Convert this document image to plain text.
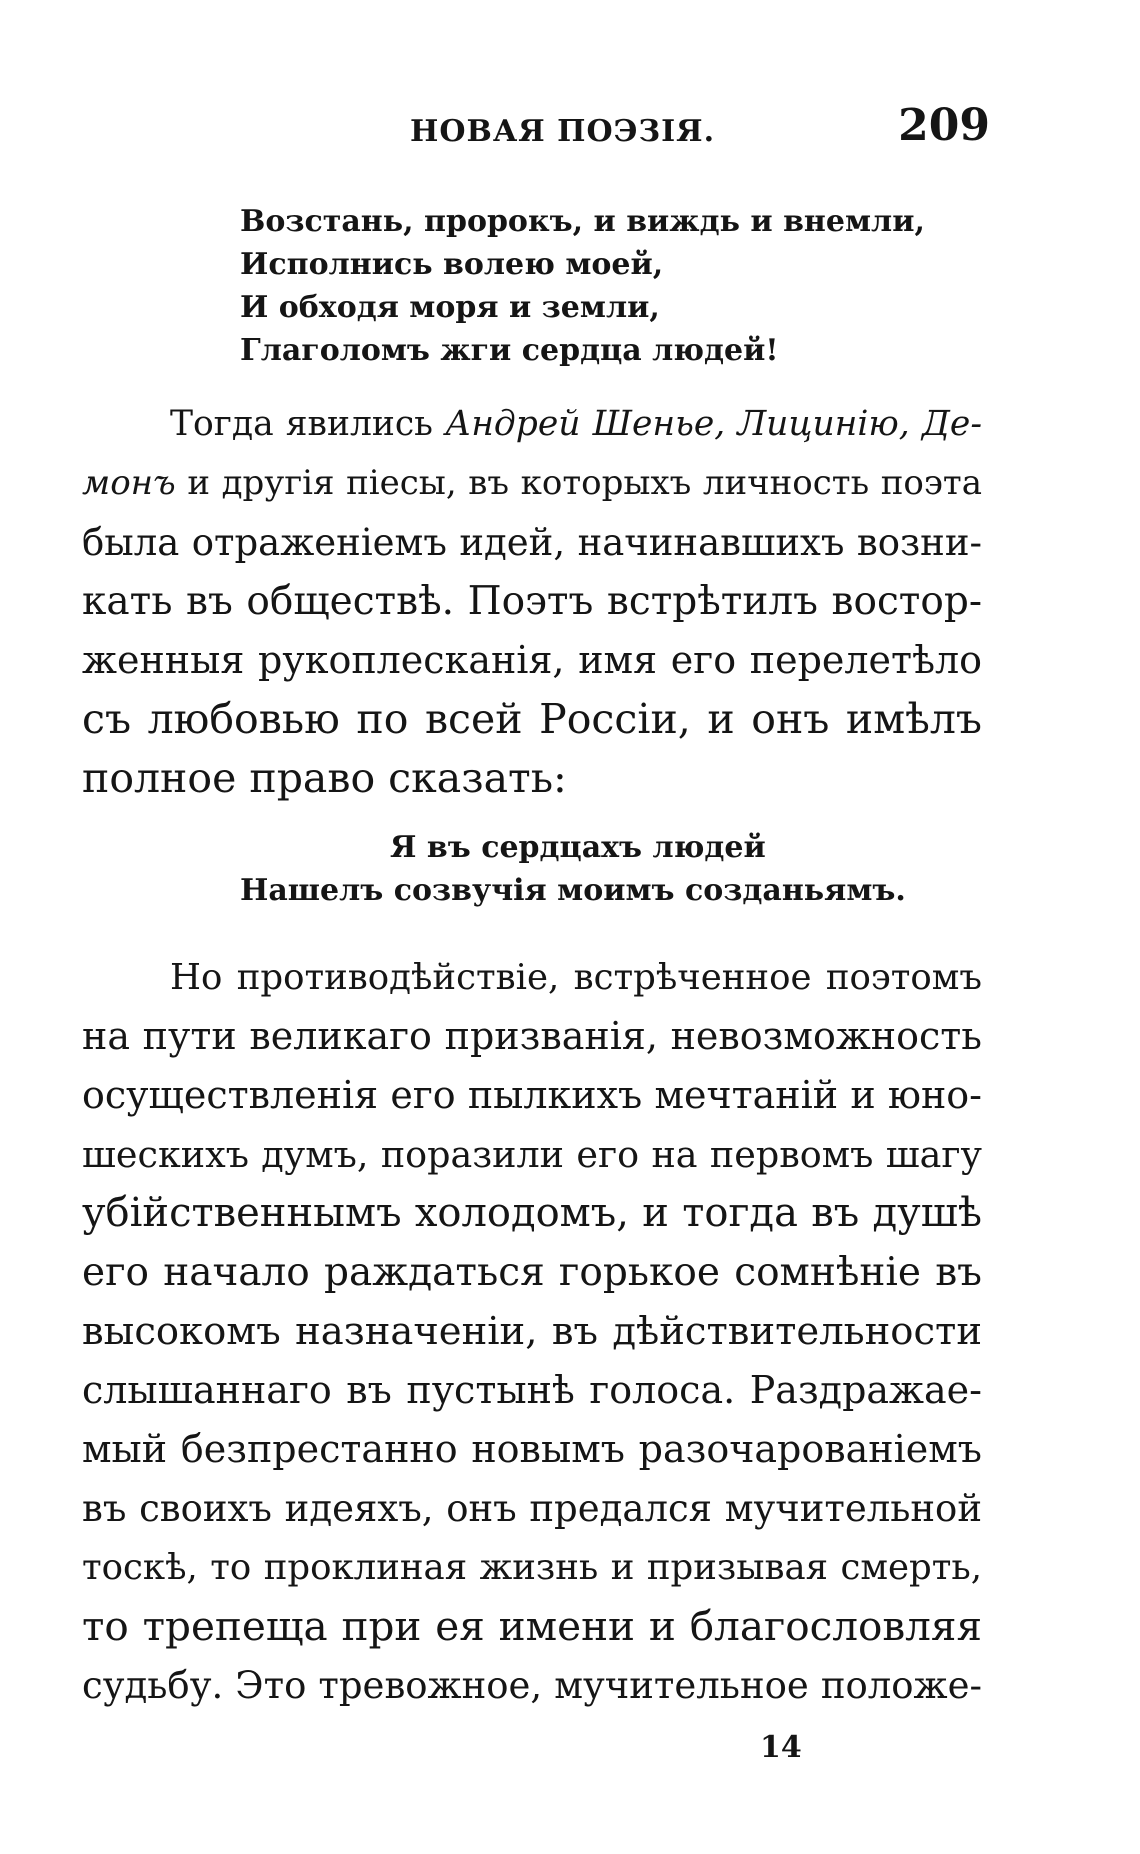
НОВАЯ ПОЭЗІЯ.	209
Возстань, пророкъ, и виждь и внемли,
Исполнись волею моей,
И обходя моря и земли,
Глаголомъ жги сердца людей!
Тогда явились Андрей Шенье, Лицинію, Де-
монъ и другія піесы, въ которыхъ личность поэта
была отраженіемъ идей, начинавшихъ возни-
кать въ обществѣ. Поэтъ встрѣтилъ востор-
женныя рукоплесканія, имя его перелетѣло
съ любовью по всей Россіи, и онъ имѣлъ
полное право сказать:
Я въ сердцахъ людей
Нашелъ созвучія моимъ созданьямъ.
Но противодѣйствіе, встрѣченное поэтомъ
на пути великаго призванія, невозможность
осуществленія его пылкихъ мечтаній и юно-
шескихъ думъ, поразили его на первомъ шагу
убійственнымъ холодомъ, и тогда въ душѣ
его начало раждаться горькое сомнѣніе въ
высокомъ назначеніи, въ дѣйствительности
слышаннаго въ пустынѣ голоса. Раздражае-
мый безпрестанно новымъ разочарованіемъ
въ своихъ идеяхъ, онъ предался мучительной
тоскѣ, то проклиная жизнь и призывая смерть,
то трепеща при ея имени и благословляя
судьбу. Это тревожное, мучительное положе-
14
